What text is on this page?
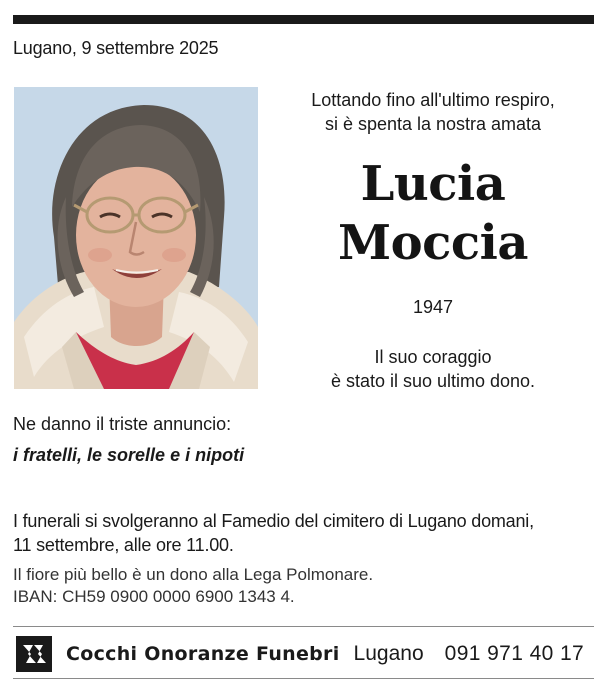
Lugano, 9 settembre 2025
Lottando fino all'ultimo respiro,
si è spenta la nostra amata
Lucia
Moccia
1947
Il suo coraggio
è stato il suo ultimo dono.
Ne danno il triste annuncio:
i fratelli, le sorelle e i nipoti
I funerali si svolgeranno al Famedio del cimitero di Lugano domani,
11 settembre, alle ore 11.00.
Il fiore più bello è un dono alla Lega Polmonare.
IBAN: CH59 0900 0000 6900 1343 4.
Cocchi Onoranze Funebri Lugano 091 971 40 17
